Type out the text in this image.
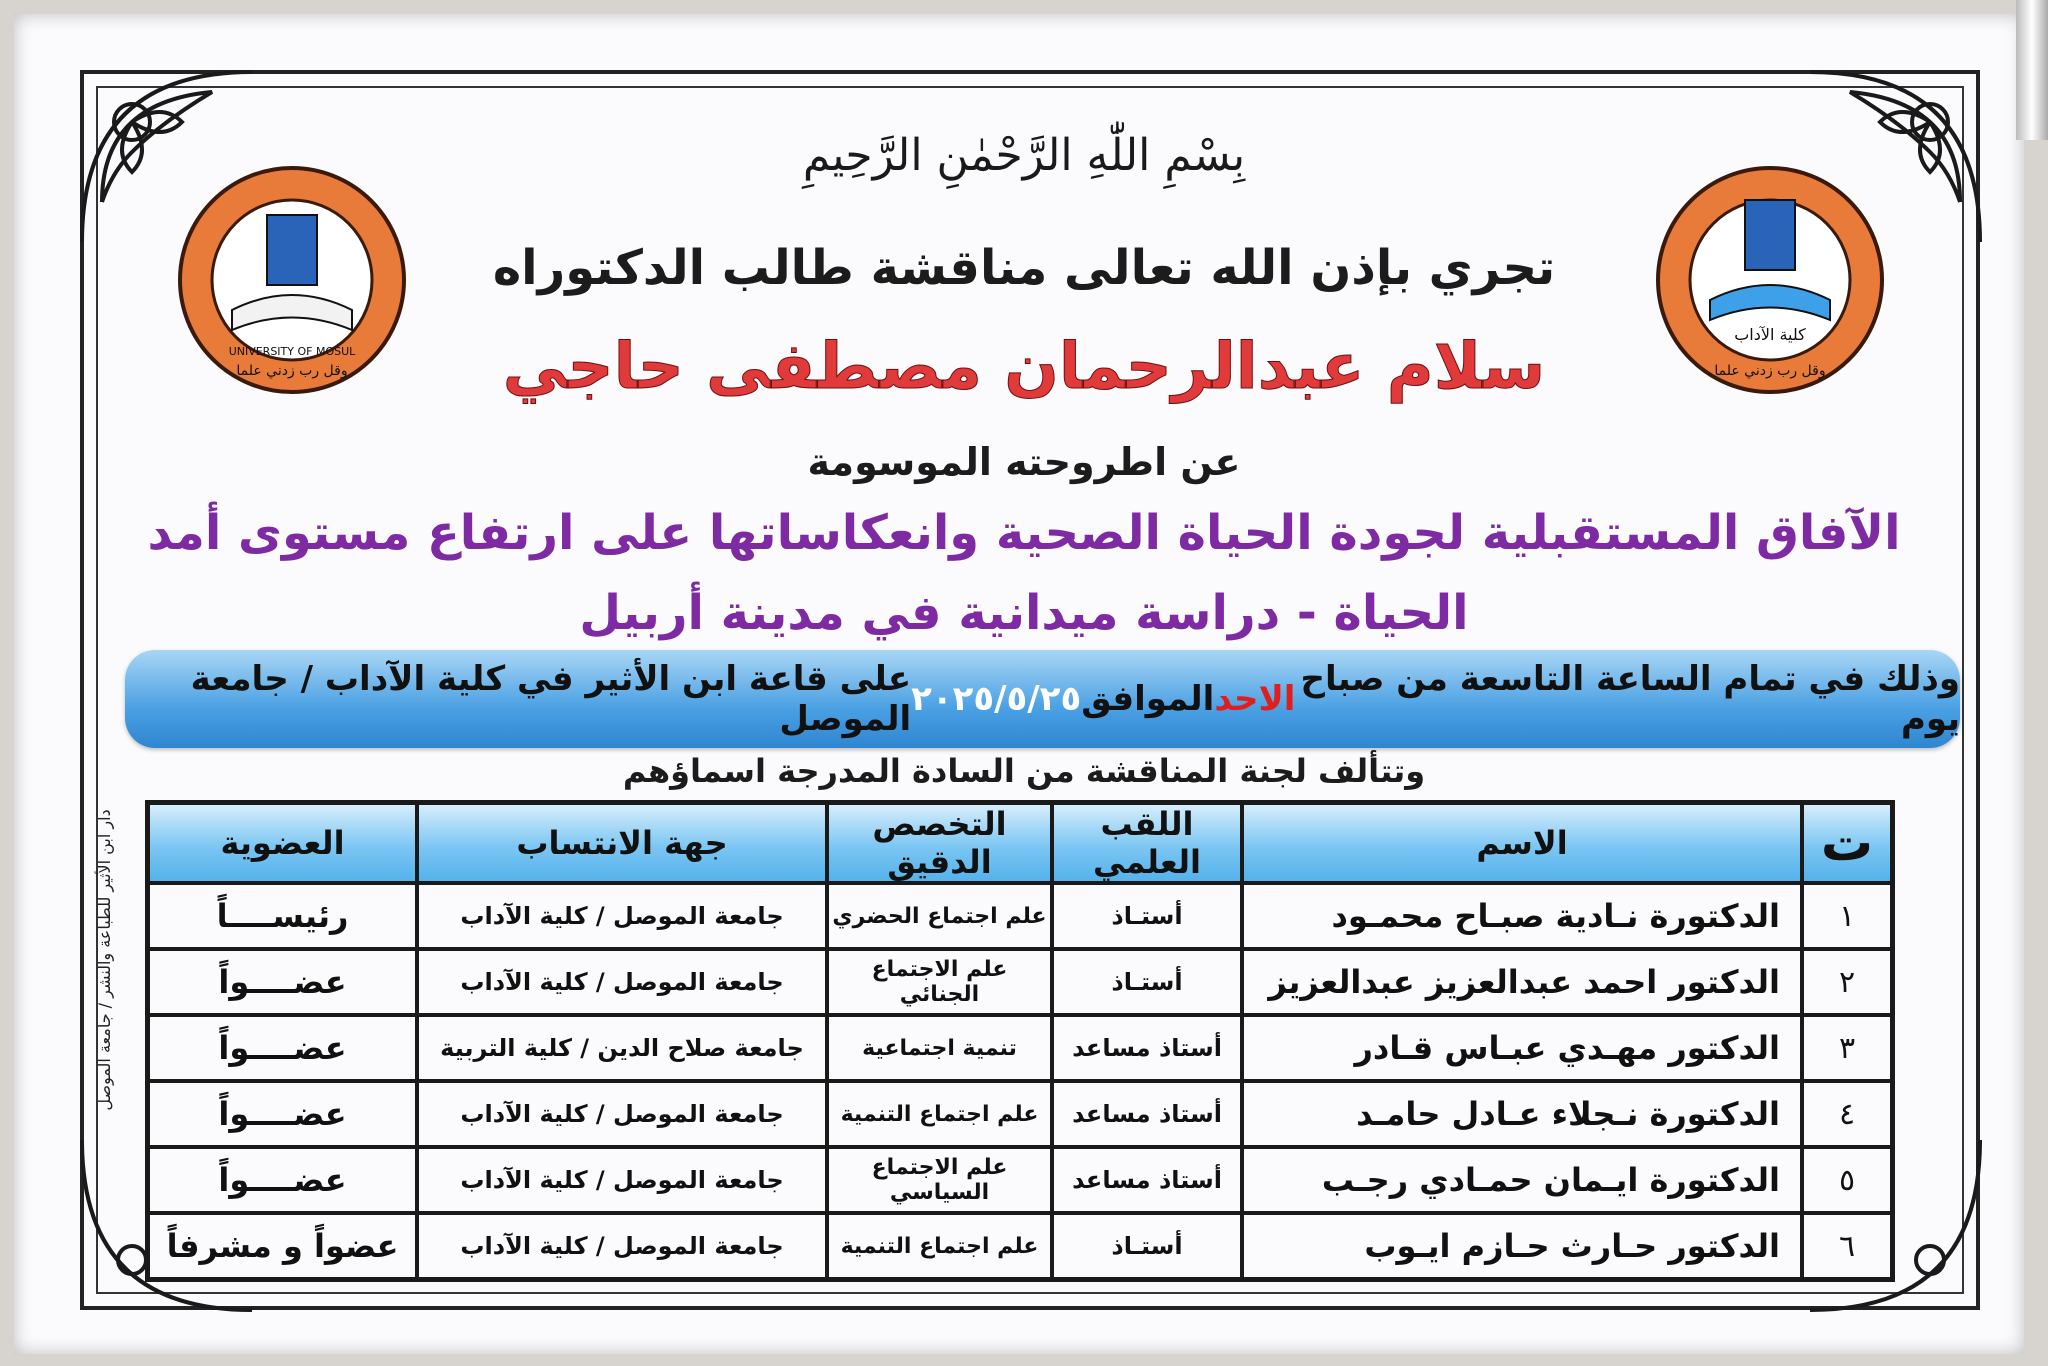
وقل رب زدني علما
UNIVERSITY OF MOSUL
كلية الآداب
وقل رب زدني علما
بِسْمِ اللّٰهِ الرَّحْمٰنِ الرَّحِيمِ
تجري بإذن الله تعالى مناقشة طالب الدكتوراه
سلام عبدالرحمان مصطفى حاجي
عن اطروحته الموسومة
الآفاق المستقبلية لجودة الحياة الصحية وانعكاساتها على ارتفاع مستوى أمد
الحياة - دراسة ميدانية في مدينة أربيل
وذلك في تمام الساعة التاسعة من صباح يوم
الاحد
الموافق
٢٠٢٥/٥/٢٥
على قاعة ابن الأثير في كلية الآداب / جامعة الموصل
وتتألف لجنة المناقشة من السادة المدرجة اسماؤهم
ت	الاسم	اللقب العلمي	التخصص الدقيق	جهة الانتساب	العضوية
١	الدكتورة نـادية صبـاح محمـود	أستـاذ	علم اجتماع الحضري	جامعة الموصل / كلية الآداب	رئيســــاً
٢	الدكتور احمد عبدالعزيز عبدالعزيز	أستـاذ	علم الاجتماع الجنائي	جامعة الموصل / كلية الآداب	عضــــواً
٣	الدكتور مهـدي عبـاس قـادر	أستاذ مساعد	تنمية اجتماعية	جامعة صلاح الدين / كلية التربية	عضــــواً
٤	الدكتورة نـجلاء عـادل حامـد	أستاذ مساعد	علم اجتماع التنمية	جامعة الموصل / كلية الآداب	عضــــواً
٥	الدكتورة ايـمان حمـادي رجـب	أستاذ مساعد	علم الاجتماع السياسي	جامعة الموصل / كلية الآداب	عضــــواً
٦	الدكتور حـارث حـازم ايـوب	أستـاذ	علم اجتماع التنمية	جامعة الموصل / كلية الآداب	عضواً و مشرفاً
دار ابن الأثير للطباعة والنشر / جامعة الموصل
